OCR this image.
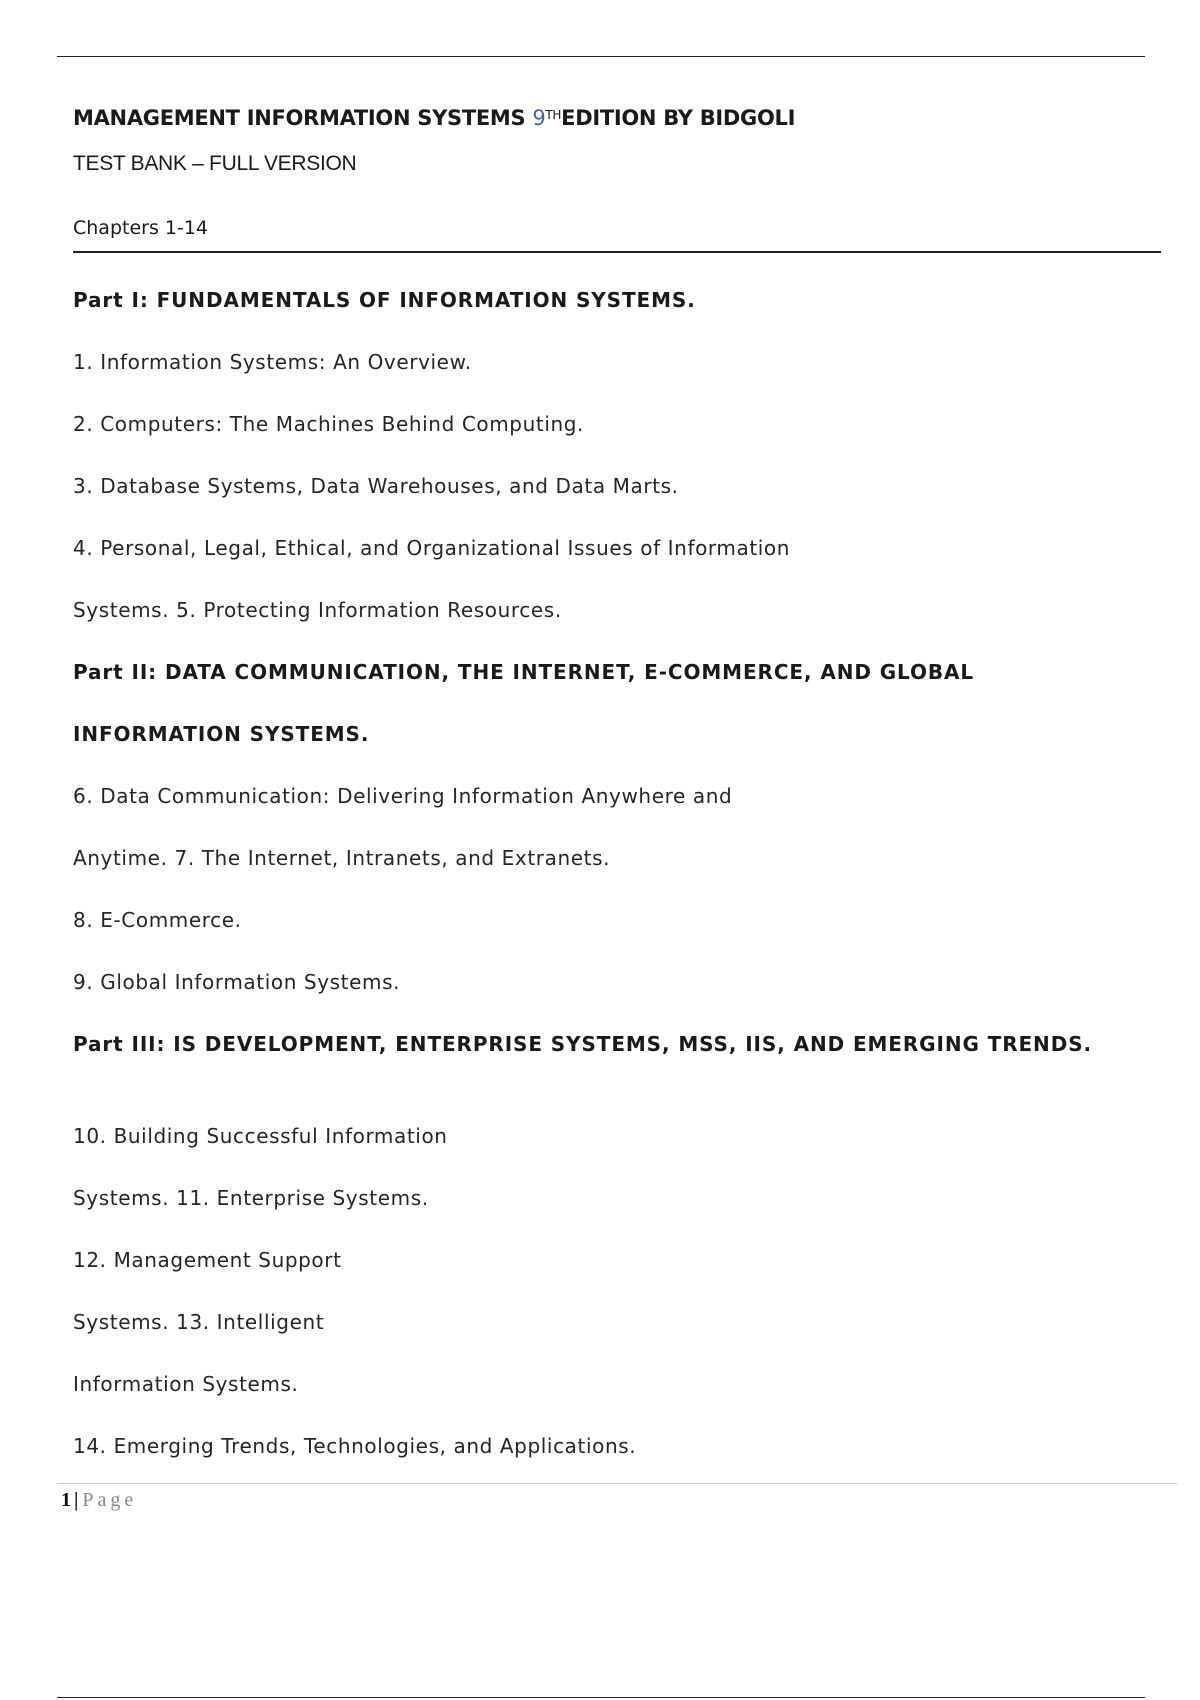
MANAGEMENT INFORMATION SYSTEMS 9THEDITION BY BIDGOLI

TEST BANK – FULL VERSION

Chapters 1-14

Part I: FUNDAMENTALS OF INFORMATION SYSTEMS.

1. Information Systems: An Overview.

2. Computers: The Machines Behind Computing.

3. Database Systems, Data Warehouses, and Data Marts.

4. Personal, Legal, Ethical, and Organizational Issues of Information

Systems. 5. Protecting Information Resources.

Part II: DATA COMMUNICATION, THE INTERNET, E-COMMERCE, AND GLOBAL

INFORMATION SYSTEMS.

6. Data Communication: Delivering Information Anywhere and

Anytime. 7. The Internet, Intranets, and Extranets.

8. E-Commerce.

9. Global Information Systems.

Part III: IS DEVELOPMENT, ENTERPRISE SYSTEMS, MSS, IIS, AND EMERGING TRENDS.

10. Building Successful Information

Systems. 11. Enterprise Systems.

12. Management Support

Systems. 13. Intelligent

Information Systems.

14. Emerging Trends, Technologies, and Applications.

1 | Page
